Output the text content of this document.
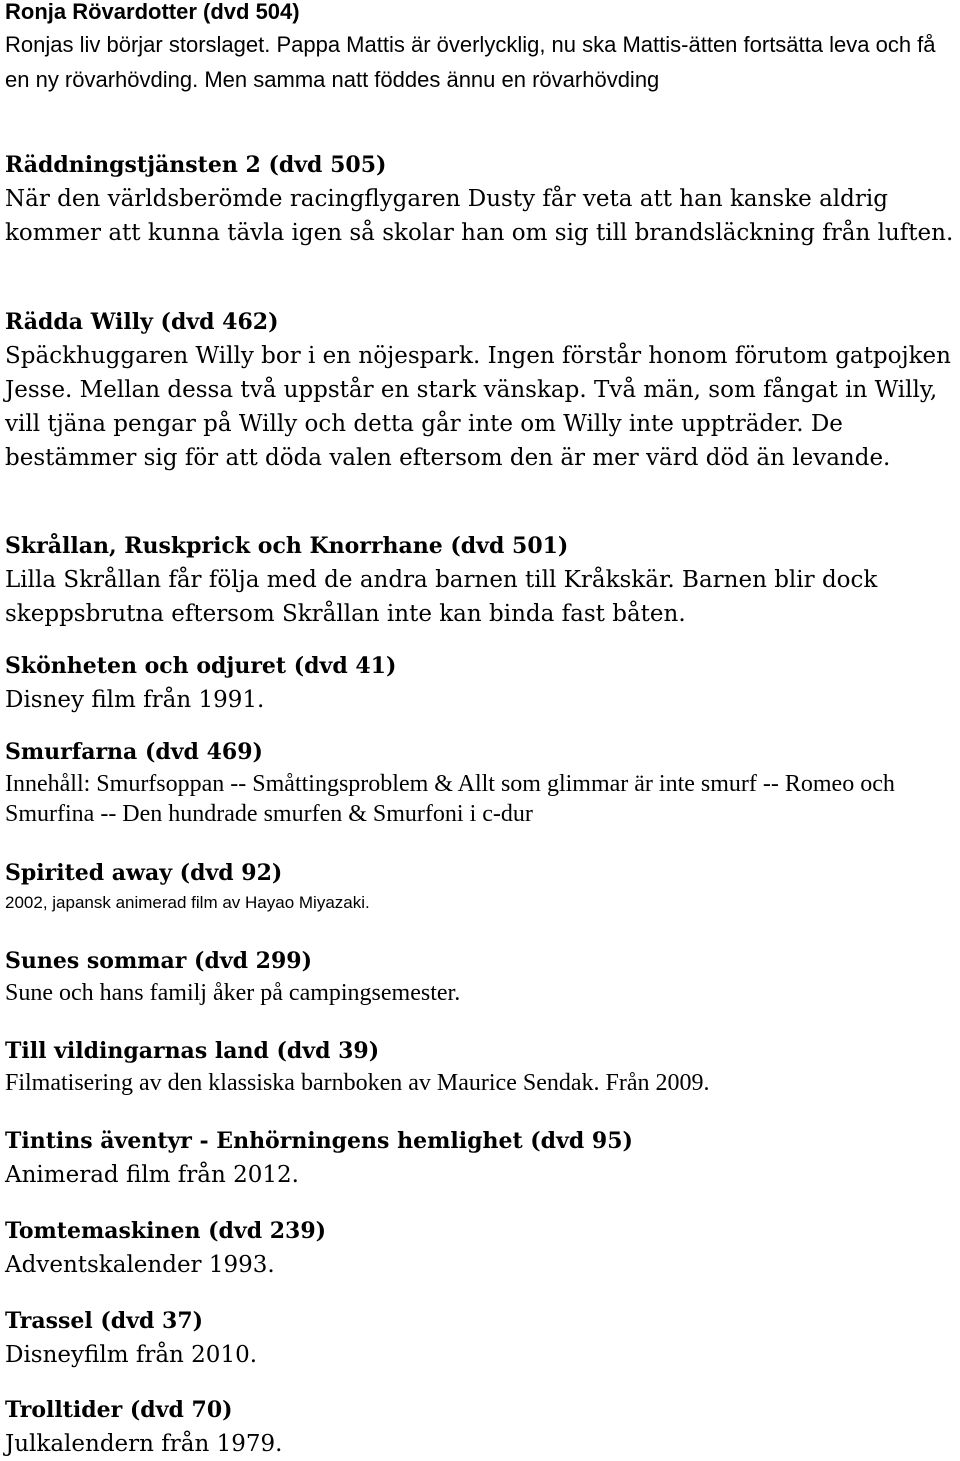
Ronja Rövardotter (dvd 504)
Ronjas liv börjar storslaget. Pappa Mattis är överlycklig, nu ska Mattis-ätten fortsätta leva och få en ny rövarhövding. Men samma natt föddes ännu en rövarhövding
Räddningstjänsten 2 (dvd 505)
När den världsberömde racingflygaren Dusty får veta att han kanske aldrig kommer att kunna tävla igen så skolar han om sig till brandsläckning från luften.
Rädda Willy (dvd 462)
Späckhuggaren Willy bor i en nöjespark. Ingen förstår honom förutom gatpojken Jesse. Mellan dessa två uppstår en stark vänskap. Två män, som fångat in Willy, vill tjäna pengar på Willy och detta går inte om Willy inte uppträder. De bestämmer sig för att döda valen eftersom den är mer värd död än levande.
Skrållan, Ruskprick och Knorrhane (dvd 501)
Lilla Skrållan får följa med de andra barnen till Kråkskär. Barnen blir dock skeppsbrutna eftersom Skrållan inte kan binda fast båten.
Skönheten och odjuret (dvd 41)
Disney film från 1991.
Smurfarna (dvd 469)
Innehåll: Smurfsoppan -- Småttingsproblem & Allt som glimmar är inte smurf -- Romeo och Smurfina -- Den hundrade smurfen & Smurfoni i c-dur
Spirited away (dvd 92)
2002, japansk animerad film av Hayao Miyazaki.
Sunes sommar (dvd 299)
Sune och hans familj åker på campingsemester.
Till vildingarnas land (dvd 39)
Filmatisering av den klassiska barnboken av Maurice Sendak. Från 2009.
Tintins äventyr - Enhörningens hemlighet (dvd 95)
Animerad film från 2012.
Tomtemaskinen (dvd 239)
Adventskalender 1993.
Trassel (dvd 37)
Disneyfilm från 2010.
Trolltider (dvd 70)
Julkalendern från 1979.
